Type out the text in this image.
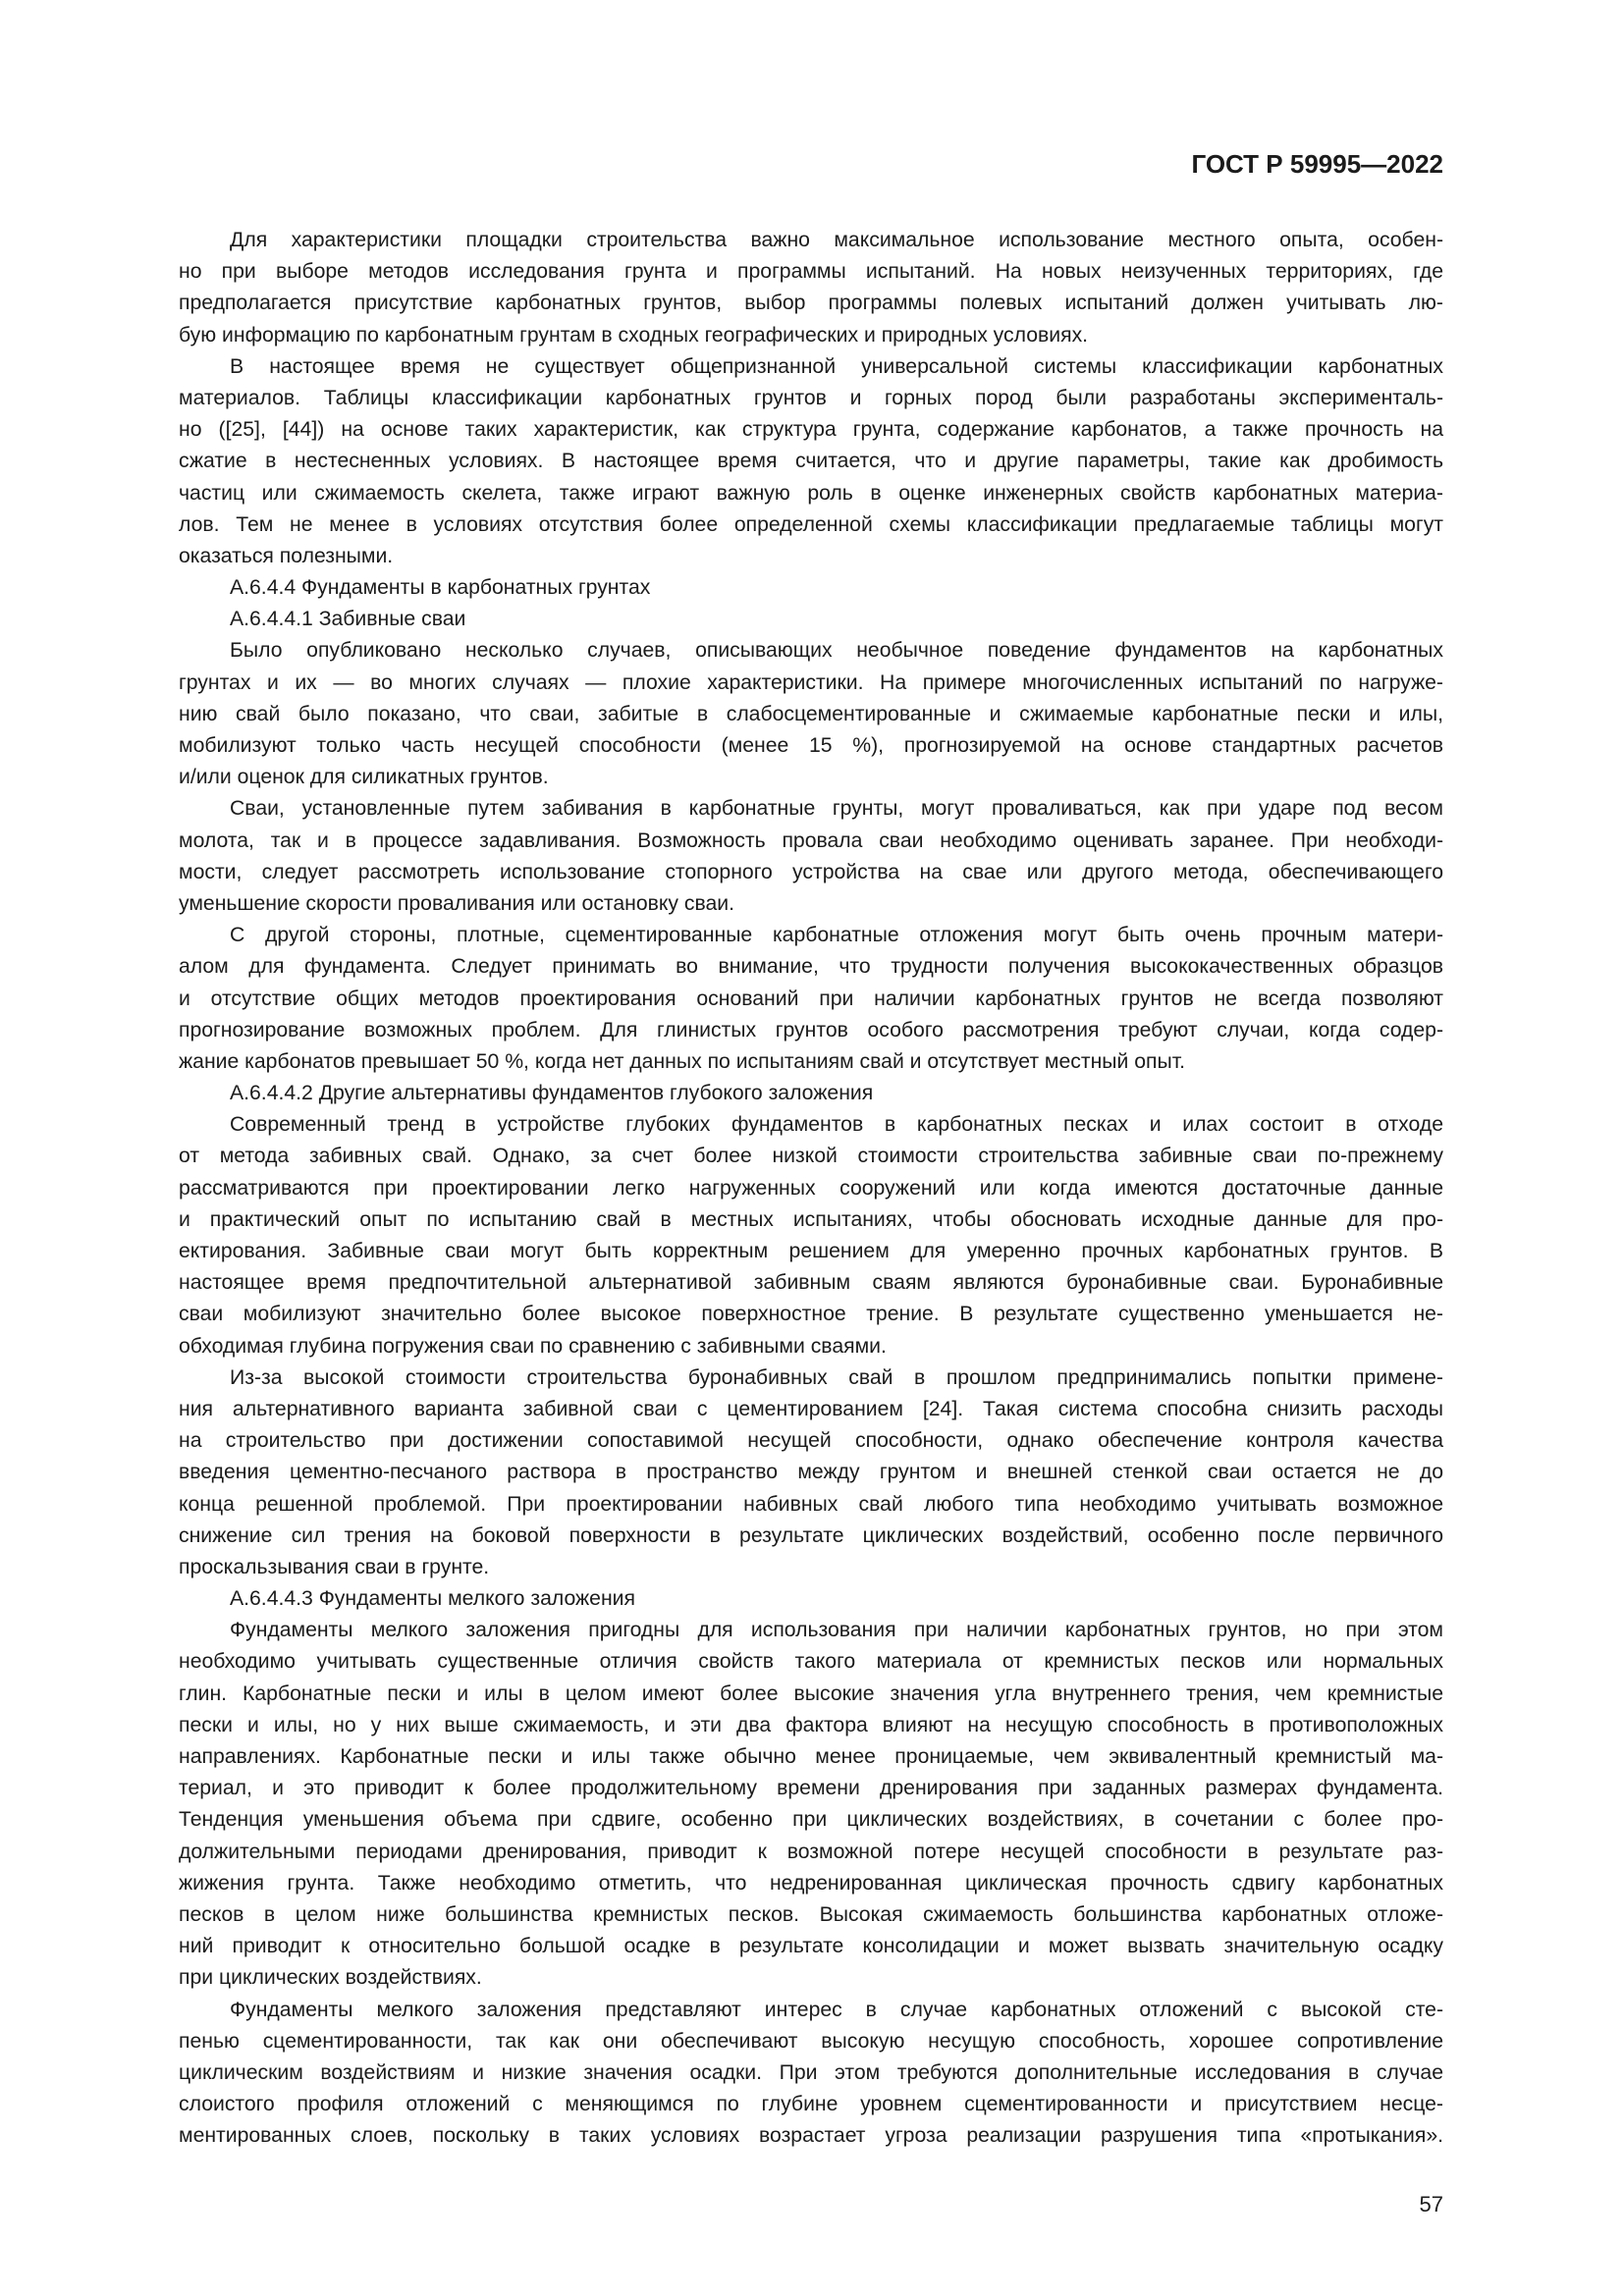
ГОСТ Р 59995—2022
Для характеристики площадки строительства важно максимальное использование местного опыта, особен-
но при выборе методов исследования грунта и программы испытаний. На новых неизученных территориях, где
предполагается присутствие карбонатных грунтов, выбор программы полевых испытаний должен учитывать лю-
бую информацию по карбонатным грунтам в сходных географических и природных условиях.
В настоящее время не существует общепризнанной универсальной системы классификации карбонатных
материалов. Таблицы классификации карбонатных грунтов и горных пород были разработаны эксперименталь-
но ([25], [44]) на основе таких характеристик, как структура грунта, содержание карбонатов, а также прочность на
сжатие в нестесненных условиях. В настоящее время считается, что и другие параметры, такие как дробимость
частиц или сжимаемость скелета, также играют важную роль в оценке инженерных свойств карбонатных материа-
лов. Тем не менее в условиях отсутствия более определенной схемы классификации предлагаемые таблицы могут
оказаться полезными.
А.6.4.4 Фундаменты в карбонатных грунтах
А.6.4.4.1 Забивные сваи
Было опубликовано несколько случаев, описывающих необычное поведение фундаментов на карбонатных
грунтах и их — во многих случаях — плохие характеристики. На примере многочисленных испытаний по нагруже-
нию свай было показано, что сваи, забитые в слабосцементированные и сжимаемые карбонатные пески и илы,
мобилизуют только часть несущей способности (менее 15 %), прогнозируемой на основе стандартных расчетов
и/или оценок для силикатных грунтов.
Сваи, установленные путем забивания в карбонатные грунты, могут проваливаться, как при ударе под весом
молота, так и в процессе задавливания. Возможность провала сваи необходимо оценивать заранее. При необходи-
мости, следует рассмотреть использование стопорного устройства на свае или другого метода, обеспечивающего
уменьшение скорости проваливания или остановку сваи.
С другой стороны, плотные, сцементированные карбонатные отложения могут быть очень прочным матери-
алом для фундамента. Следует принимать во внимание, что трудности получения высококачественных образцов
и отсутствие общих методов проектирования оснований при наличии карбонатных грунтов не всегда позволяют
прогнозирование возможных проблем. Для глинистых грунтов особого рассмотрения требуют случаи, когда содер-
жание карбонатов превышает 50 %, когда нет данных по испытаниям свай и отсутствует местный опыт.
А.6.4.4.2 Другие альтернативы фундаментов глубокого заложения
Современный тренд в устройстве глубоких фундаментов в карбонатных песках и илах состоит в отходе
от метода забивных свай. Однако, за счет более низкой стоимости строительства забивные сваи по-прежнему
рассматриваются при проектировании легко нагруженных сооружений или когда имеются достаточные данные
и практический опыт по испытанию свай в местных испытаниях, чтобы обосновать исходные данные для про-
ектирования. Забивные сваи могут быть корректным решением для умеренно прочных карбонатных грунтов. В
настоящее время предпочтительной альтернативой забивным сваям являются буронабивные сваи. Буронабивные
сваи мобилизуют значительно более высокое поверхностное трение. В результате существенно уменьшается не-
обходимая глубина погружения сваи по сравнению с забивными сваями.
Из-за высокой стоимости строительства буронабивных свай в прошлом предпринимались попытки примене-
ния альтернативного варианта забивной сваи с цементированием [24]. Такая система способна снизить расходы
на строительство при достижении сопоставимой несущей способности, однако обеспечение контроля качества
введения цементно-песчаного раствора в пространство между грунтом и внешней стенкой сваи остается не до
конца решенной проблемой. При проектировании набивных свай любого типа необходимо учитывать возможное
снижение сил трения на боковой поверхности в результате циклических воздействий, особенно после первичного
проскальзывания сваи в грунте.
А.6.4.4.3 Фундаменты мелкого заложения
Фундаменты мелкого заложения пригодны для использования при наличии карбонатных грунтов, но при этом
необходимо учитывать существенные отличия свойств такого материала от кремнистых песков или нормальных
глин. Карбонатные пески и илы в целом имеют более высокие значения угла внутреннего трения, чем кремнистые
пески и илы, но у них выше сжимаемость, и эти два фактора влияют на несущую способность в противоположных
направлениях. Карбонатные пески и илы также обычно менее проницаемые, чем эквивалентный кремнистый ма-
териал, и это приводит к более продолжительному времени дренирования при заданных размерах фундамента.
Тенденция уменьшения объема при сдвиге, особенно при циклических воздействиях, в сочетании с более про-
должительными периодами дренирования, приводит к возможной потере несущей способности в результате раз-
жижения грунта. Также необходимо отметить, что недренированная циклическая прочность сдвигу карбонатных
песков в целом ниже большинства кремнистых песков. Высокая сжимаемость большинства карбонатных отложе-
ний приводит к относительно большой осадке в результате консолидации и может вызвать значительную осадку
при циклических воздействиях.
Фундаменты мелкого заложения представляют интерес в случае карбонатных отложений с высокой сте-
пенью сцементированности, так как они обеспечивают высокую несущую способность, хорошее сопротивление
циклическим воздействиям и низкие значения осадки. При этом требуются дополнительные исследования в случае
слоистого профиля отложений с меняющимся по глубине уровнем сцементированности и присутствием несце-
ментированных слоев, поскольку в таких условиях возрастает угроза реализации разрушения типа «протыкания».
57
